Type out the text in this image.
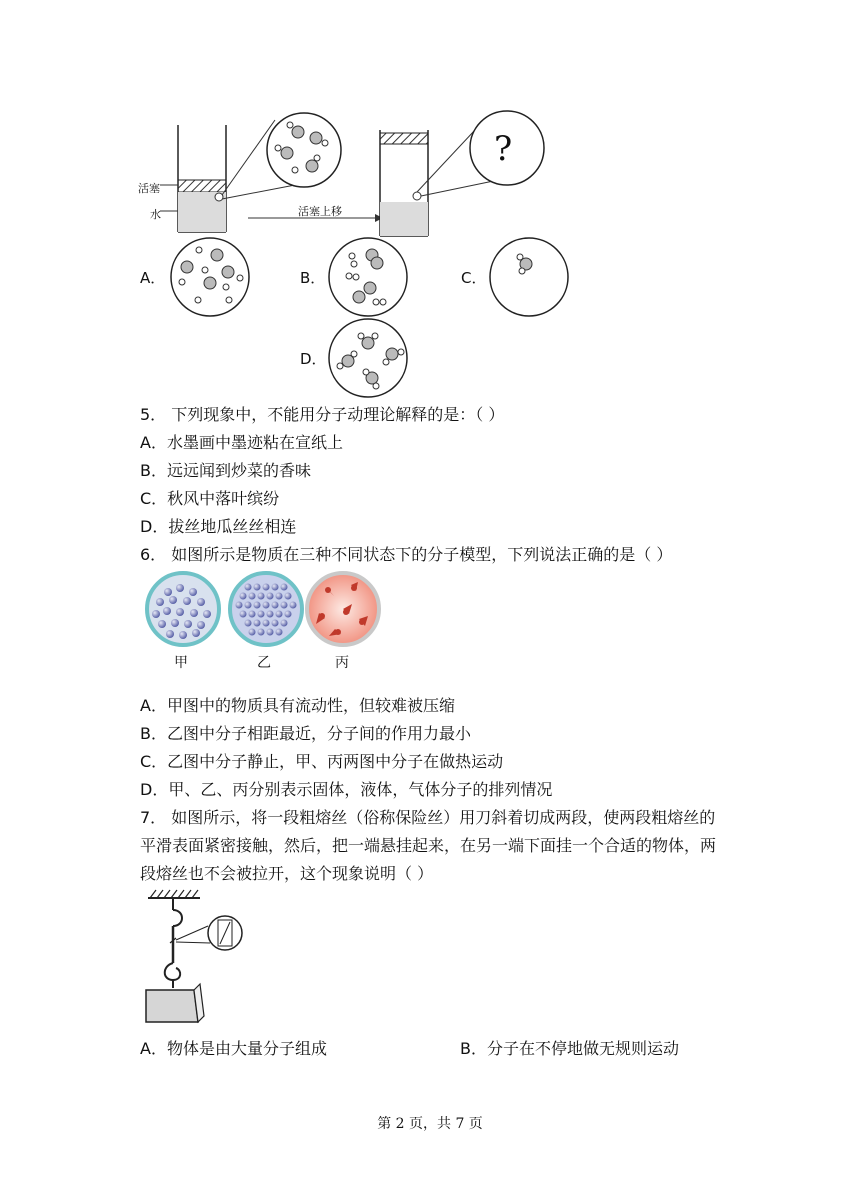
活塞
水	活塞上移
?
A．	B．	C．
D．
5． 下列现象中，不能用分子动理论解释的是：（ ）
A．水墨画中墨迹粘在宣纸上
B．远远闻到炒菜的香味
C．秋风中落叶缤纷
D．拔丝地瓜丝丝相连
6． 如图所示是物质在三种不同状态下的分子模型，下列说法正确的是（ ）
甲	乙	丙
A．甲图中的物质具有流动性，但较难被压缩
B．乙图中分子相距最近，分子间的作用力最小
C．乙图中分子静止，甲、丙两图中分子在做热运动
D．甲、乙、丙分别表示固体，液体，气体分子的排列情况
7． 如图所示，将一段粗熔丝（俗称保险丝）用刀斜着切成两段，使两段粗熔丝的
平滑表面紧密接触，然后，把一端悬挂起来，在另一端下面挂一个合适的物体，两
段熔丝也不会被拉开，这个现象说明（ ）
A．物体是由大量分子组成	B．分子在不停地做无规则运动
第 2 页，共 7 页
